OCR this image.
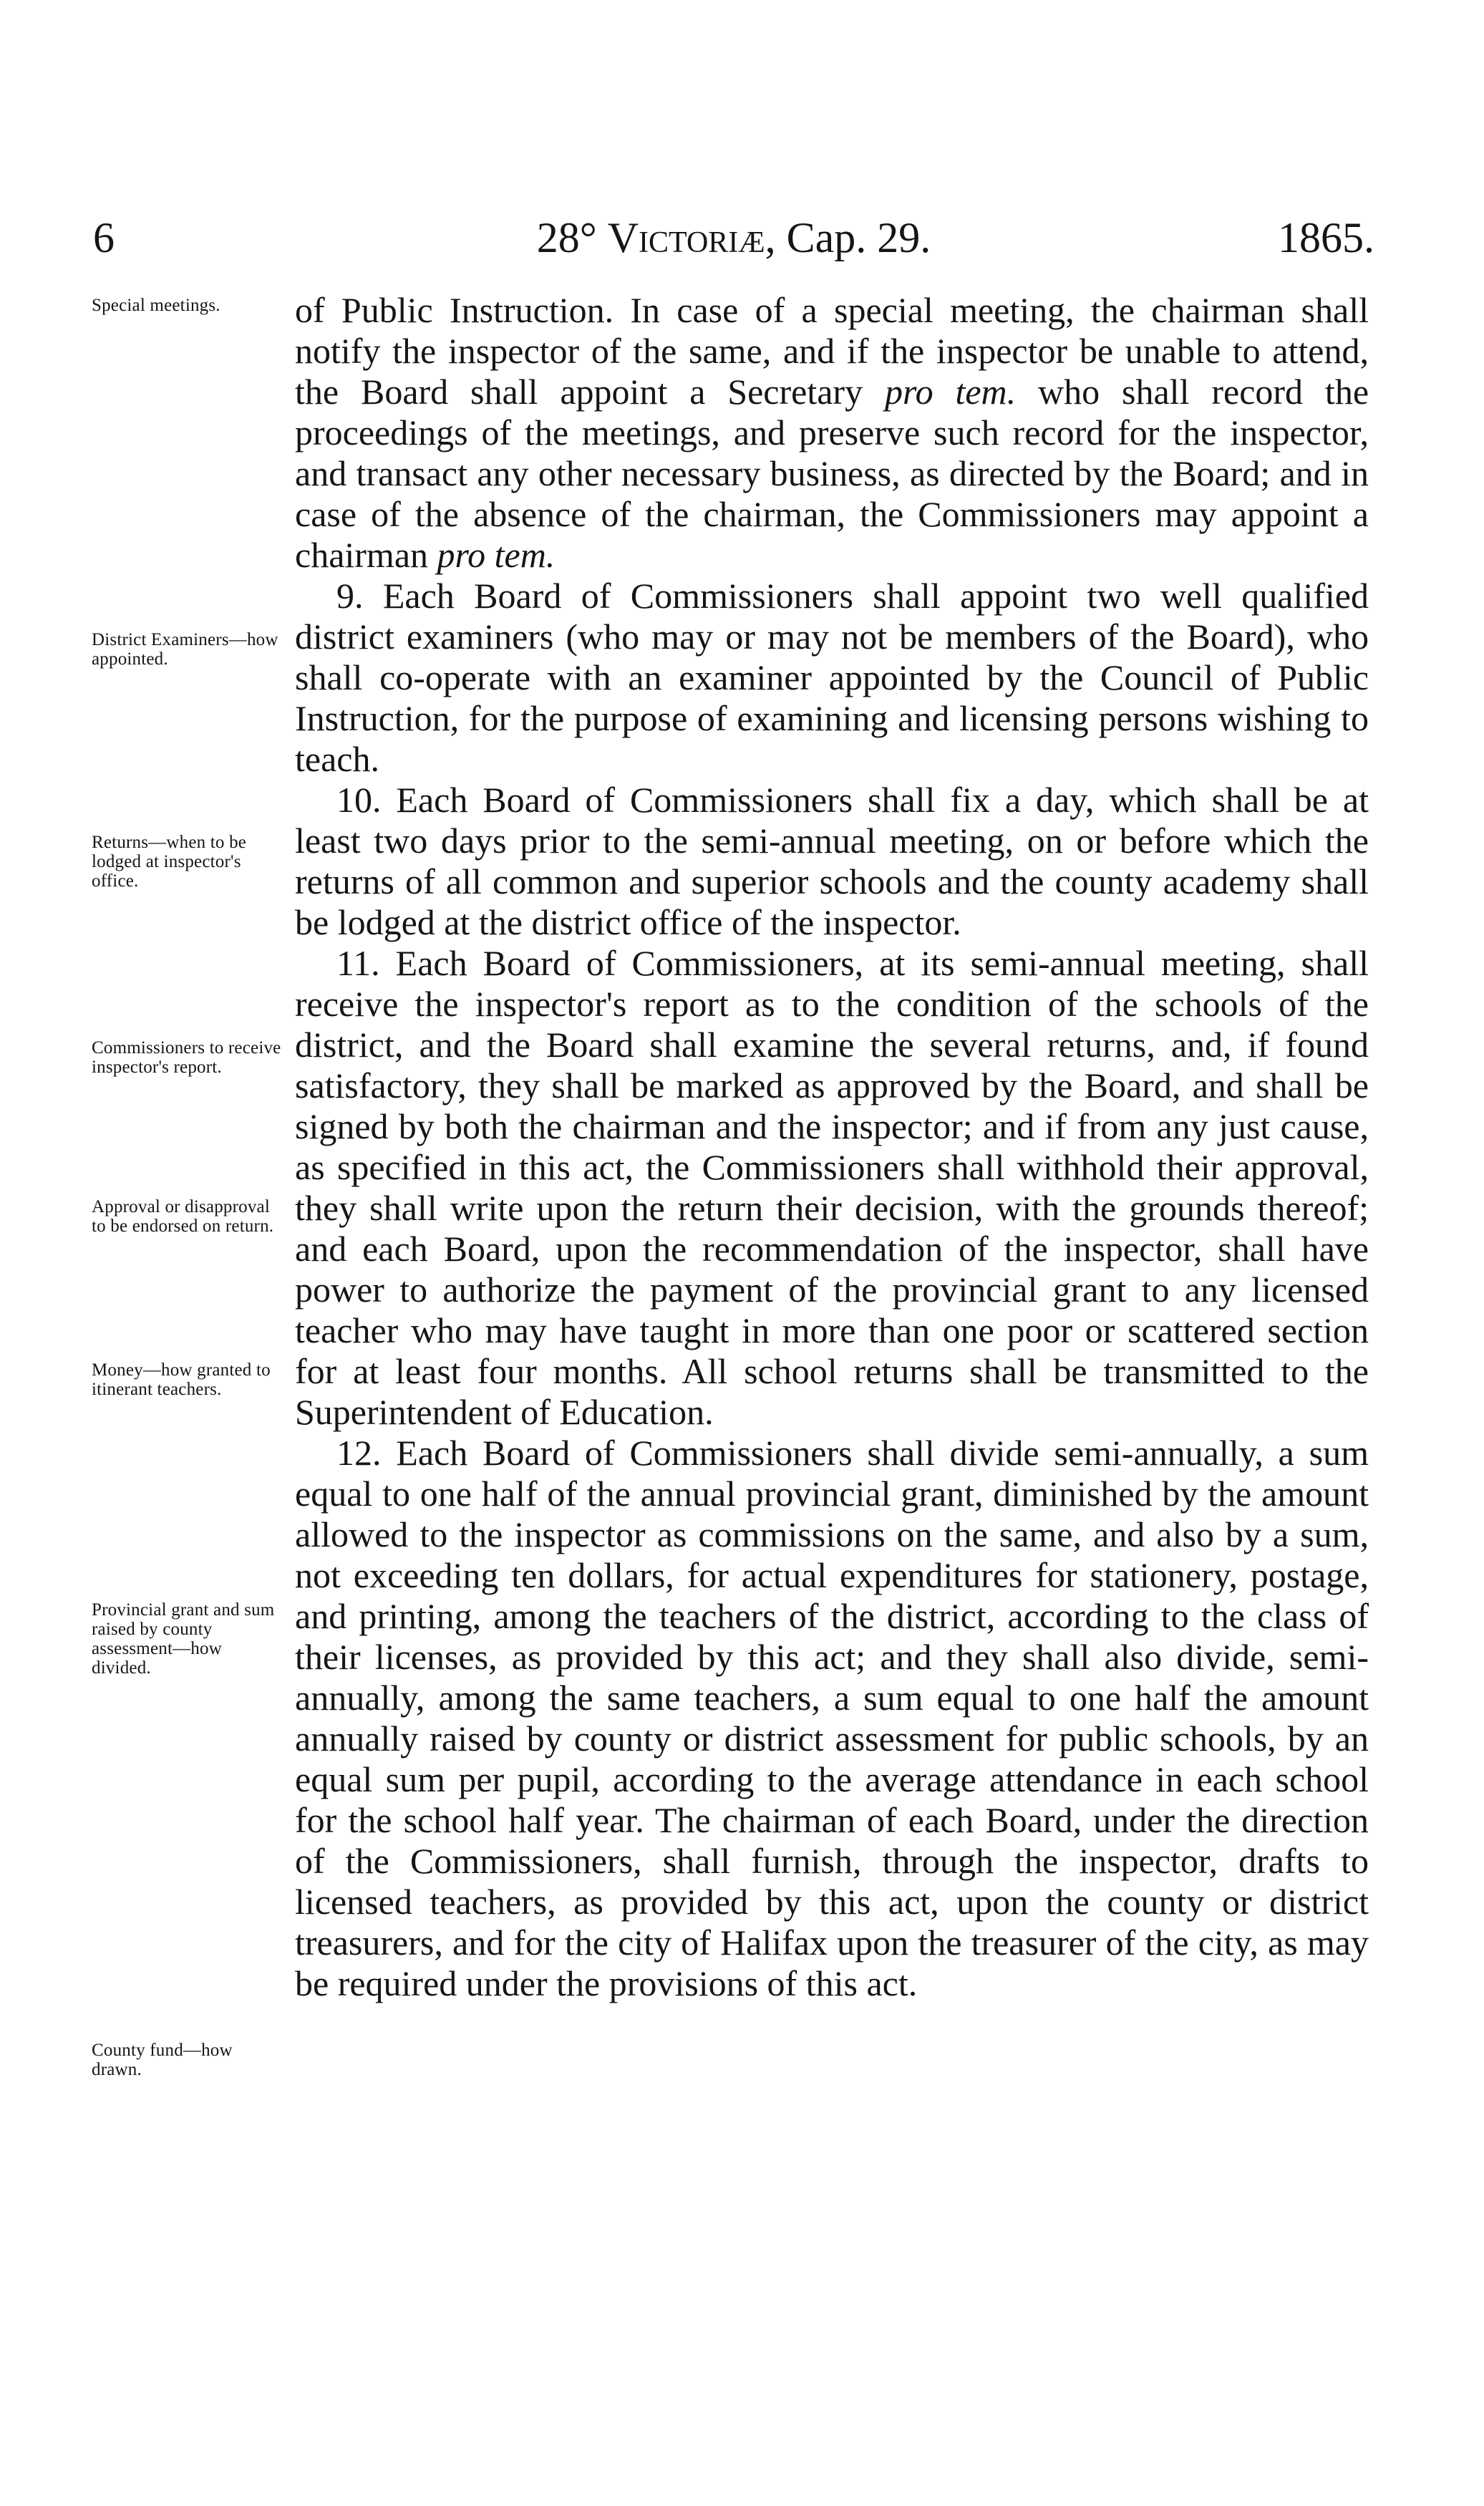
6	28° Victoriæ, Cap. 29.	1865.
Special meetings.
District Examiners—how appointed.
Returns—when to be lodged at inspector's office.
Commissioners to receive inspector's report.
Approval or disapproval to be endorsed on return.
Money—how granted to itinerant teachers.
Provincial grant and sum raised by county assessment—how divided.
County fund—how drawn.

of Public Instruction. In case of a special meeting, the chairman shall notify the inspector of the same, and if the inspector be unable to attend, the Board shall appoint a Secretary pro tem. who shall record the proceedings of the meetings, and preserve such record for the inspector, and transact any other necessary business, as directed by the Board; and in case of the absence of the chairman, the Commissioners may appoint a chairman pro tem.

9. Each Board of Commissioners shall appoint two well qualified district examiners (who may or may not be members of the Board), who shall co-operate with an examiner appointed by the Council of Public Instruction, for the purpose of examining and licensing persons wishing to teach.

10. Each Board of Commissioners shall fix a day, which shall be at least two days prior to the semi-annual meeting, on or before which the returns of all common and superior schools and the county academy shall be lodged at the district office of the inspector.

11. Each Board of Commissioners, at its semi-annual meeting, shall receive the inspector's report as to the condition of the schools of the district, and the Board shall examine the several returns, and, if found satisfactory, they shall be marked as approved by the Board, and shall be signed by both the chairman and the inspector; and if from any just cause, as specified in this act, the Commissioners shall withhold their approval, they shall write upon the return their decision, with the grounds thereof; and each Board, upon the recommendation of the inspector, shall have power to authorize the payment of the provincial grant to any licensed teacher who may have taught in more than one poor or scattered section for at least four months. All school returns shall be transmitted to the Superintendent of Education.

12. Each Board of Commissioners shall divide semi-annually, a sum equal to one half of the annual provincial grant, diminished by the amount allowed to the inspector as commissions on the same, and also by a sum, not exceeding ten dollars, for actual expenditures for stationery, postage, and printing, among the teachers of the district, according to the class of their licenses, as provided by this act; and they shall also divide, semi-annually, among the same teachers, a sum equal to one half the amount annually raised by county or district assessment for public schools, by an equal sum per pupil, according to the average attendance in each school for the school half year. The chairman of each Board, under the direction of the Commissioners, shall furnish, through the inspector, drafts to licensed teachers, as provided by this act, upon the county or district treasurers, and for the city of Halifax upon the treasurer of the city, as may be required under the provisions of this act.
